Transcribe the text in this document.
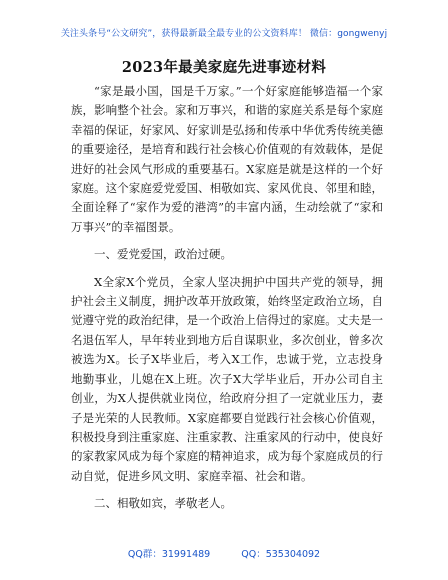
关注头条号“公文研究”，获得最新最全最专业的公文资料库！ 微信：gongwenyj
2023年最美家庭先进事迹材料

“家是最小国，国是千万家。”一个好家庭能够造福一个家族，影响整个社会。家和万事兴，和谐的家庭关系是每个家庭幸福的保证，好家风、好家训是弘扬和传承中华优秀传统美德的重要途径，是培育和践行社会核心价值观的有效载体，是促进好的社会风气形成的重要基石。X家庭是就是这样的一个好家庭。这个家庭爱党爱国、相敬如宾、家风优良、邻里和睦，全面诠释了“家作为爱的港湾”的丰富内涵，生动绘就了“家和万事兴”的幸福图景。

一、爱党爱国，政治过硬。

X全家X个党员，全家人坚决拥护中国共产党的领导，拥护社会主义制度，拥护改革开放政策，始终坚定政治立场，自觉遵守党的政治纪律，是一个政治上信得过的家庭。丈夫是一名退伍军人，早年转业到地方后自谋职业，多次创业，曾多次被选为X。长子X毕业后，考入X工作，忠诚于党，立志投身地勤事业，儿媳在X上班。次子X大学毕业后，开办公司自主创业，为X人提供就业岗位，给政府分担了一定就业压力，妻子是光荣的人民教师。X家庭都要自觉践行社会核心价值观，积极投身到注重家庭、注重家教、注重家风的行动中，使良好的家教家风成为每个家庭的精神追求，成为每个家庭成员的行动自觉，促进乡风文明、家庭幸福、社会和谐。

二、相敬如宾，孝敬老人。

QQ群：31991489	QQ：535304092
